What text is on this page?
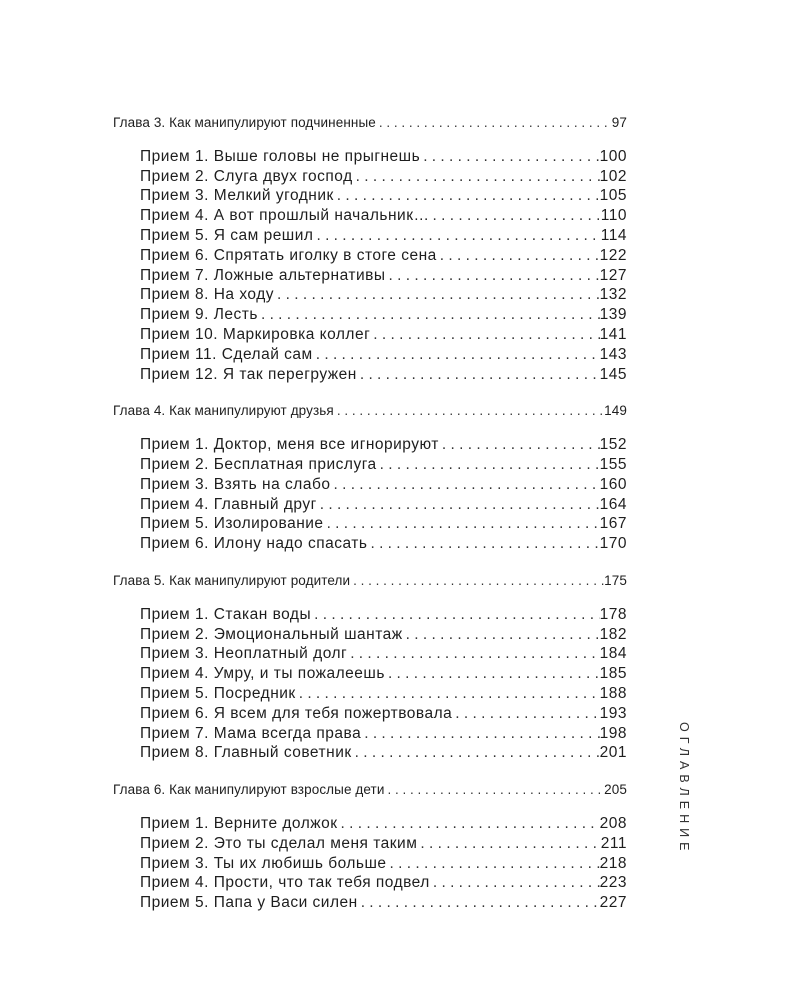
Глава 3. Как манипулируют подчиненные . . .	97
Прием 1. Выше головы не прыгнешь . . .	100
Прием 2. Слуга двух господ . . .	102
Прием 3. Мелкий угодник . . .	105
Прием 4. А вот прошлый начальник… . . .	110
Прием 5. Я сам решил . . .	114
Прием 6. Спрятать иголку в стоге сена . . .	122
Прием 7. Ложные альтернативы . . .	127
Прием 8. На ходу . . .	132
Прием 9. Лесть . . .	139
Прием 10. Маркировка коллег . . .	141
Прием 11. Сделай сам . . .	143
Прием 12. Я так перегружен . . .	145
Глава 4. Как манипулируют друзья . . .	149
Прием 1. Доктор, меня все игнорируют . . .	152
Прием 2. Бесплатная прислуга . . .	155
Прием 3. Взять на слабо . . .	160
Прием 4. Главный друг . . .	164
Прием 5. Изолирование . . .	167
Прием 6. Илону надо спасать . . .	170
Глава 5. Как манипулируют родители . . .	175
Прием 1. Стакан воды . . .	178
Прием 2. Эмоциональный шантаж . . .	182
Прием 3. Неоплатный долг . . .	184
Прием 4. Умру, и ты пожалеешь . . .	185
Прием 5. Посредник . . .	188
Прием 6. Я всем для тебя пожертвовала . . .	193
Прием 7. Мама всегда права . . .	198
Прием 8. Главный советник . . .	201
Глава 6. Как манипулируют взрослые дети . . .	205
Прием 1. Верните должок . . .	208
Прием 2. Это ты сделал меня таким . . .	211
Прием 3. Ты их любишь больше . . .	218
Прием 4. Прости, что так тебя подвел . . .	223
Прием 5. Папа у Васи силен . . .	227
ОГЛАВЛЕНИЕ
